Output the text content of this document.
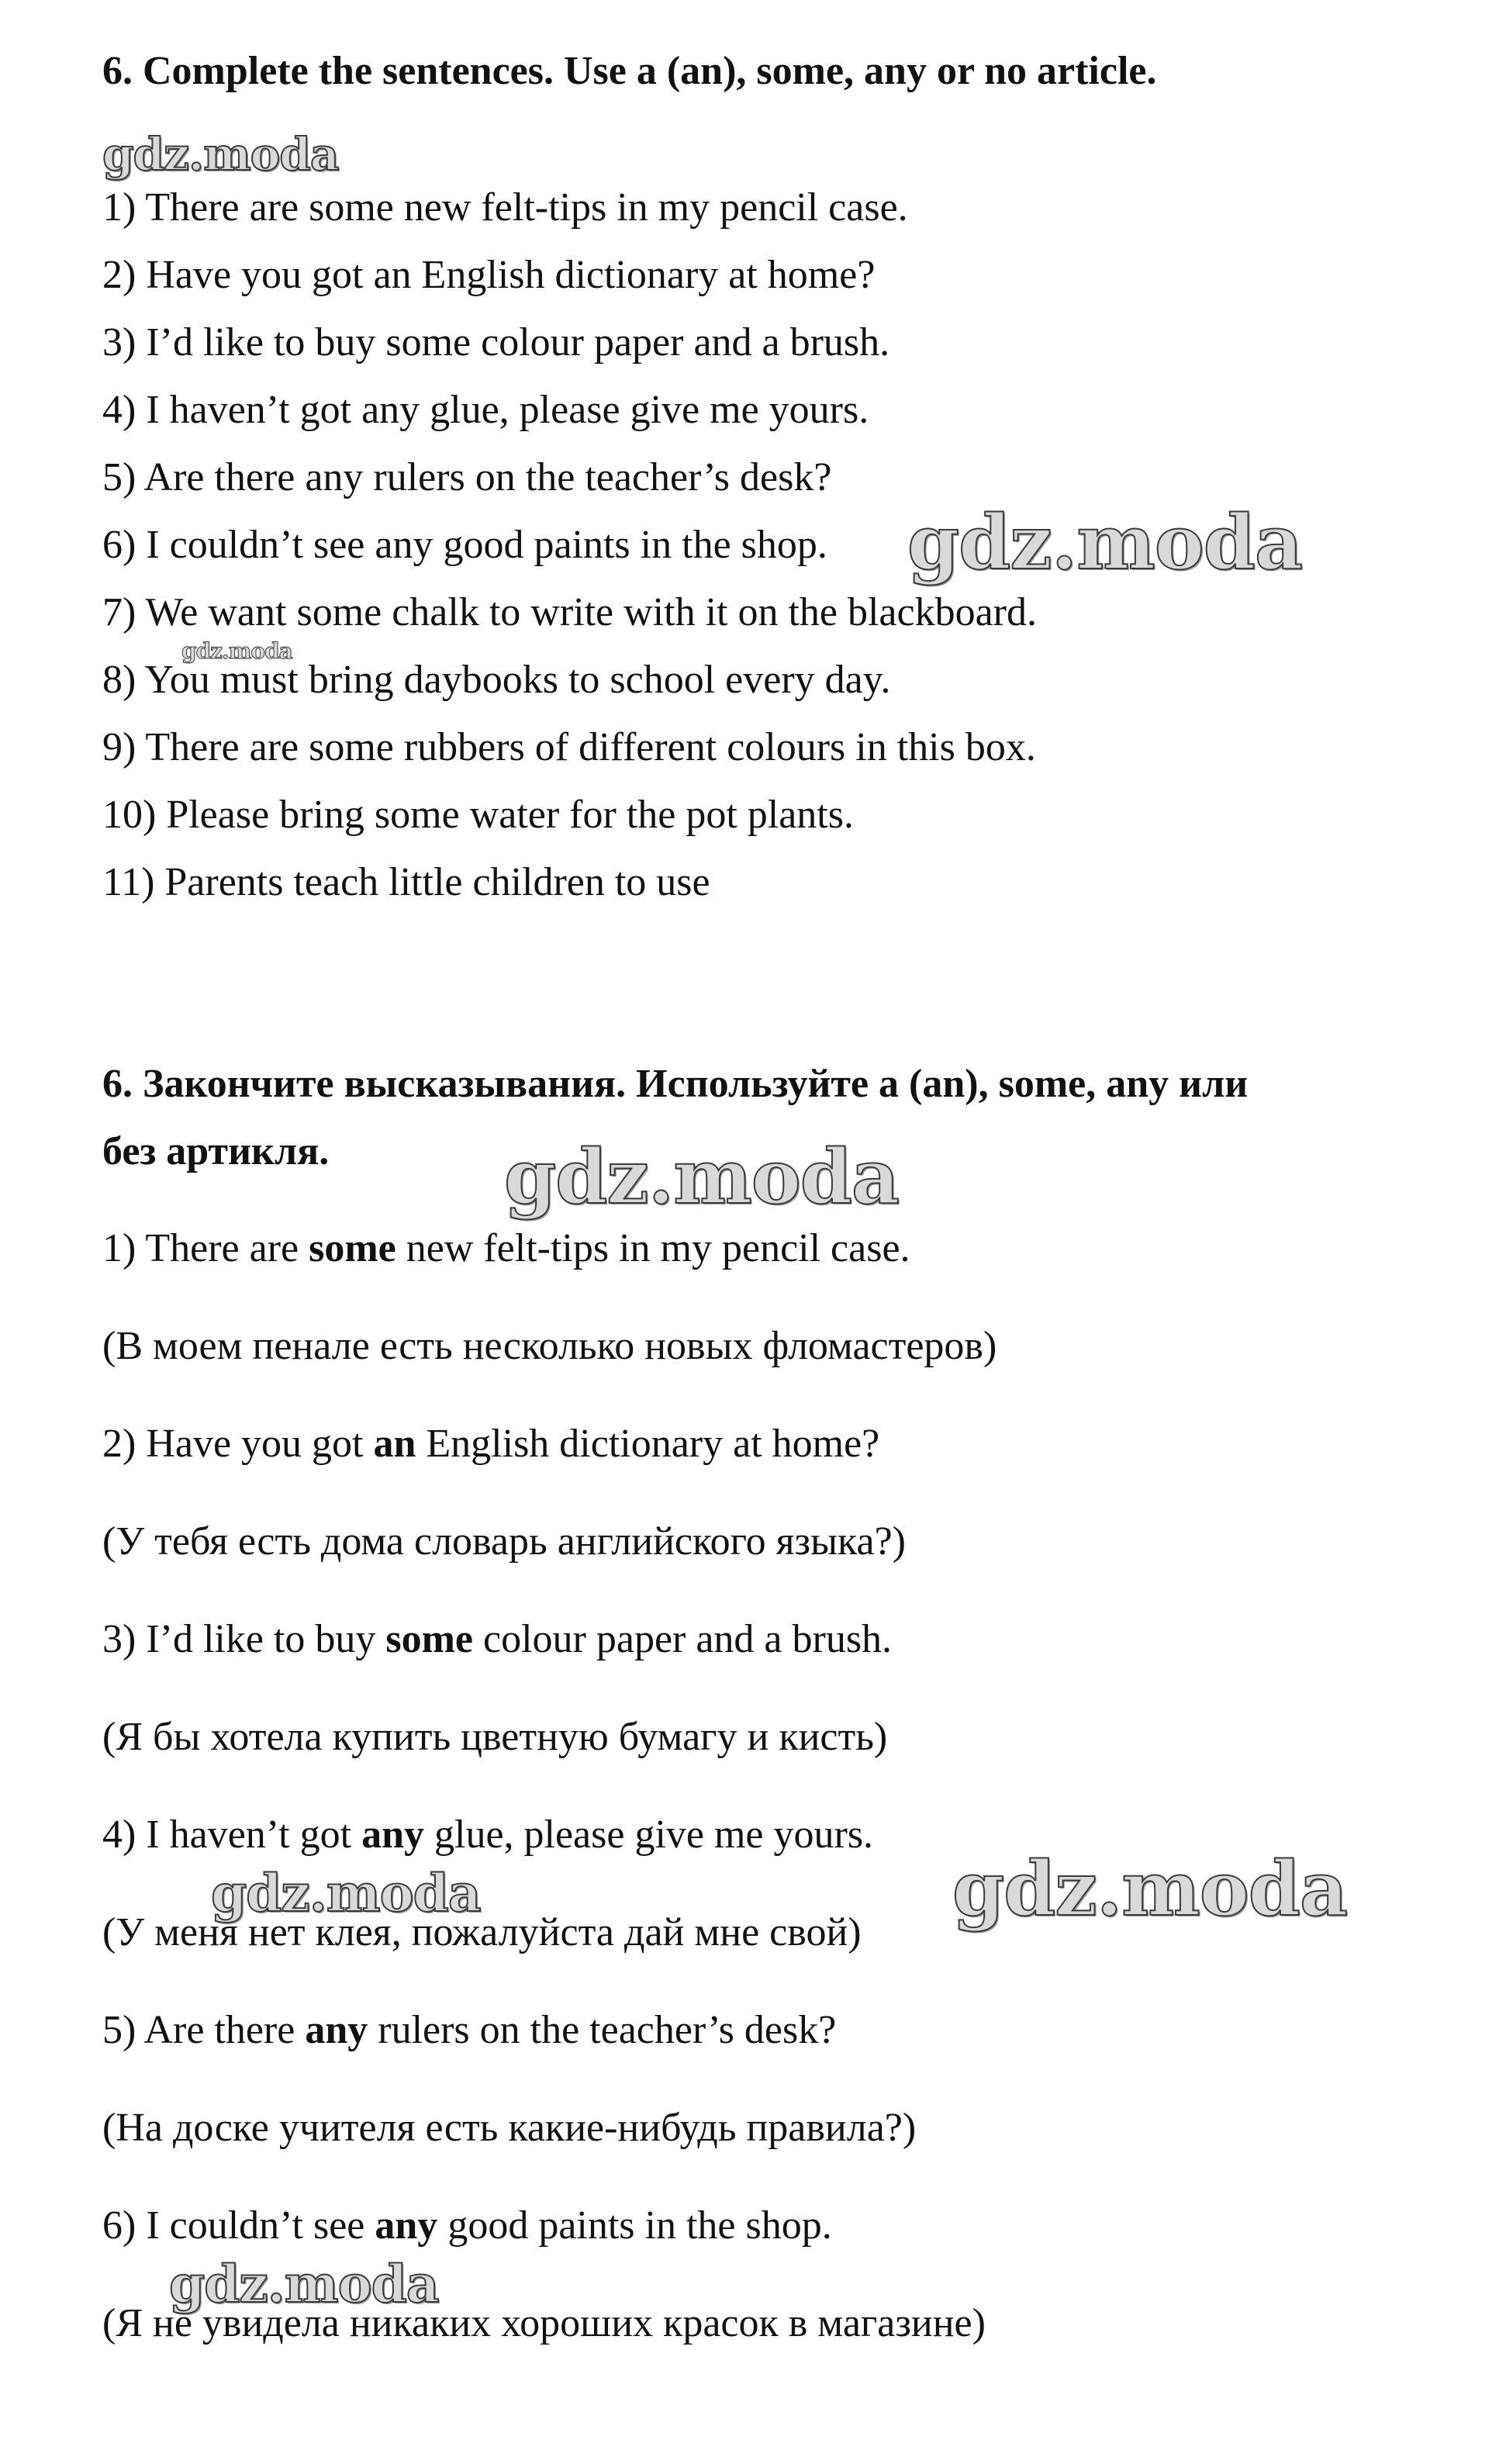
6. Complete the sentences. Use a (an), some, any or no article.
1) There are some new felt-tips in my pencil case.
2) Have you got an English dictionary at home?
3) I’d like to buy some colour paper and a brush.
4) I haven’t got any glue, please give me yours.
5) Are there any rulers on the teacher’s desk?
6) I couldn’t see any good paints in the shop.
7) We want some chalk to write with it on the blackboard.
8) You must bring daybooks to school every day.
9) There are some rubbers of different colours in this box.
10) Please bring some water for the pot plants.
11) Parents teach little children to use
6. Закончите высказывания. Используйте a (an), some, any или
без артикля.
1) There are some new felt-tips in my pencil case.
(В моем пенале есть несколько новых фломастеров)
2) Have you got an English dictionary at home?
(У тебя есть дома словарь английского языка?)
3) I’d like to buy some colour paper and a brush.
(Я бы хотела купить цветную бумагу и кисть)
4) I haven’t got any glue, please give me yours.
(У меня нет клея, пожалуйста дай мне свой)
5) Are there any rulers on the teacher’s desk?
(На доске учителя есть какие-нибудь правила?)
6) I couldn’t see any good paints in the shop.
(Я не увидела никаких хороших красок в магазине)
gdz.moda
gdz.moda
gdz.moda
gdz.moda
gdz.moda	gdz.moda
gdz.moda
